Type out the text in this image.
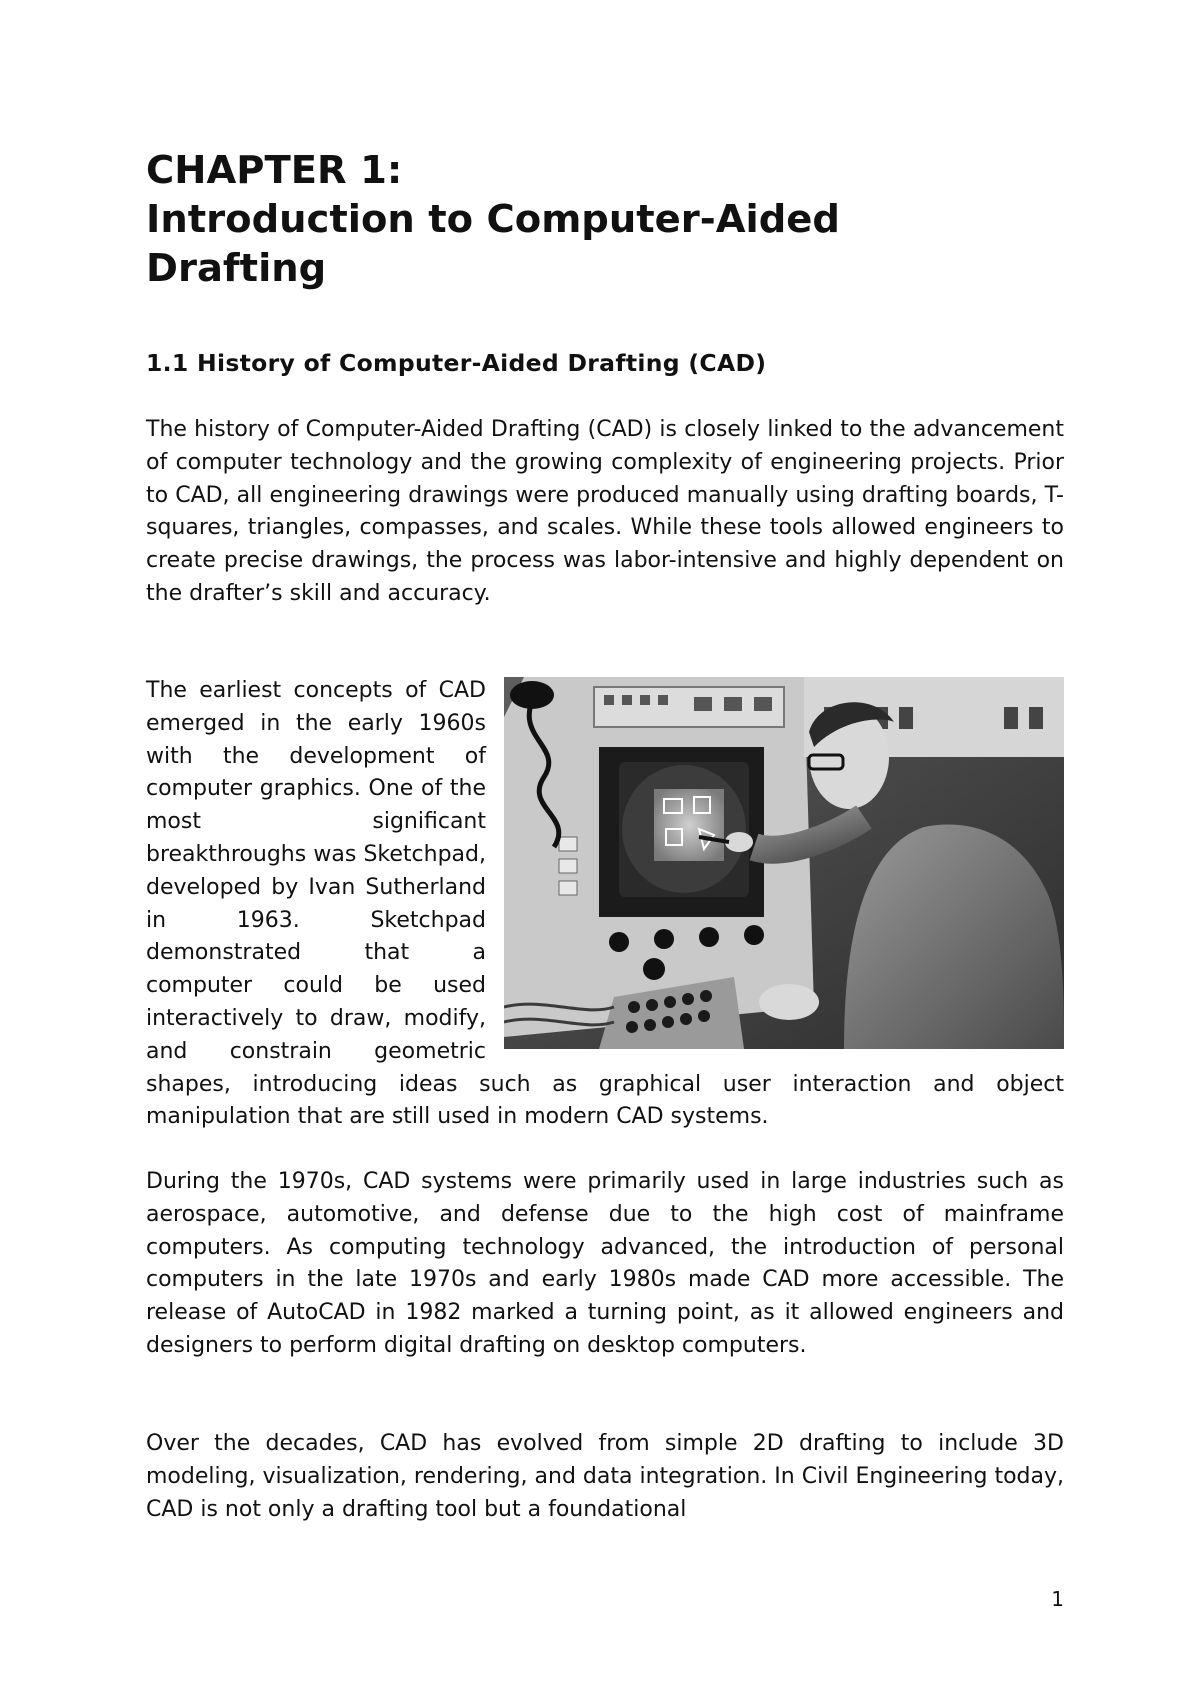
CHAPTER 1:
Introduction to Computer-Aided
Drafting
1.1 History of Computer-Aided Drafting (CAD)

The history of Computer-Aided Drafting (CAD) is closely linked to the advancement of computer technology and the growing complexity of engineering projects. Prior to CAD, all engineering drawings were produced manually using drafting boards, T-squares, triangles, compasses, and scales. While these tools allowed engineers to create precise drawings, the process was labor-intensive and highly dependent on the drafter’s skill and accuracy.

The earliest concepts of CAD emerged in the early 1960s with the development of computer graphics. One of the most significant breakthroughs was Sketchpad, developed by Ivan Sutherland in 1963. Sketchpad demonstrated that a computer could be used interactively to draw, modify, and constrain geometric shapes, introducing ideas such as graphical user interaction and object manipulation that are still used in modern CAD systems.

During the 1970s, CAD systems were primarily used in large industries such as aerospace, automotive, and defense due to the high cost of mainframe computers. As computing technology advanced, the introduction of personal computers in the late 1970s and early 1980s made CAD more accessible. The release of AutoCAD in 1982 marked a turning point, as it allowed engineers and designers to perform digital drafting on desktop computers.

Over the decades, CAD has evolved from simple 2D drafting to include 3D modeling, visualization, rendering, and data integration. In Civil Engineering today, CAD is not only a drafting tool but a foundational

1
